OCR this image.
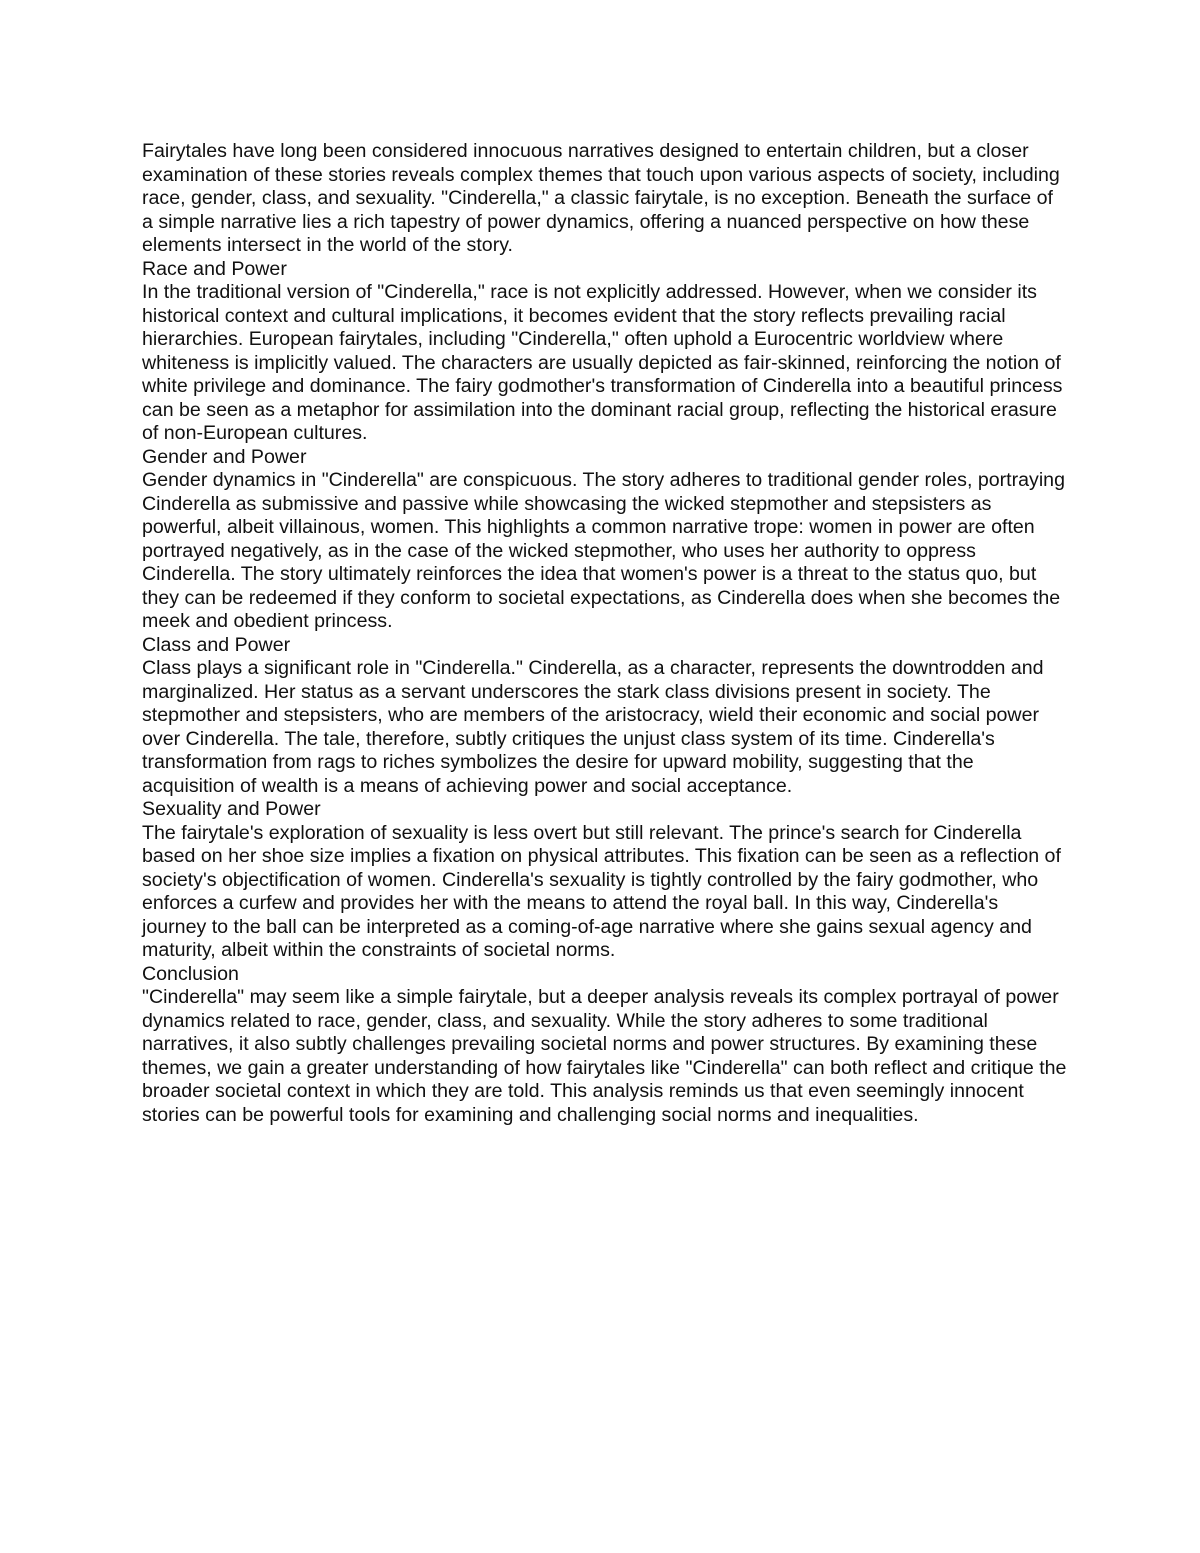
Fairytales have long been considered innocuous narratives designed to entertain children, but a closer examination of these stories reveals complex themes that touch upon various aspects of society, including race, gender, class, and sexuality. "Cinderella," a classic fairytale, is no exception. Beneath the surface of a simple narrative lies a rich tapestry of power dynamics, offering a nuanced perspective on how these elements intersect in the world of the story.

Race and Power

In the traditional version of "Cinderella," race is not explicitly addressed. However, when we consider its historical context and cultural implications, it becomes evident that the story reflects prevailing racial hierarchies. European fairytales, including "Cinderella," often uphold a Eurocentric worldview where whiteness is implicitly valued. The characters are usually depicted as fair-skinned, reinforcing the notion of white privilege and dominance. The fairy godmother's transformation of Cinderella into a beautiful princess can be seen as a metaphor for assimilation into the dominant racial group, reflecting the historical erasure of non-European cultures.

Gender and Power

Gender dynamics in "Cinderella" are conspicuous. The story adheres to traditional gender roles, portraying Cinderella as submissive and passive while showcasing the wicked stepmother and stepsisters as powerful, albeit villainous, women. This highlights a common narrative trope: women in power are often portrayed negatively, as in the case of the wicked stepmother, who uses her authority to oppress Cinderella. The story ultimately reinforces the idea that women's power is a threat to the status quo, but they can be redeemed if they conform to societal expectations, as Cinderella does when she becomes the meek and obedient princess.

Class and Power

Class plays a significant role in "Cinderella." Cinderella, as a character, represents the downtrodden and marginalized. Her status as a servant underscores the stark class divisions present in society. The stepmother and stepsisters, who are members of the aristocracy, wield their economic and social power over Cinderella. The tale, therefore, subtly critiques the unjust class system of its time. Cinderella's transformation from rags to riches symbolizes the desire for upward mobility, suggesting that the acquisition of wealth is a means of achieving power and social acceptance.

Sexuality and Power

The fairytale's exploration of sexuality is less overt but still relevant. The prince's search for Cinderella based on her shoe size implies a fixation on physical attributes. This fixation can be seen as a reflection of society's objectification of women. Cinderella's sexuality is tightly controlled by the fairy godmother, who enforces a curfew and provides her with the means to attend the royal ball. In this way, Cinderella's journey to the ball can be interpreted as a coming-of-age narrative where she gains sexual agency and maturity, albeit within the constraints of societal norms.

Conclusion

"Cinderella" may seem like a simple fairytale, but a deeper analysis reveals its complex portrayal of power dynamics related to race, gender, class, and sexuality. While the story adheres to some traditional narratives, it also subtly challenges prevailing societal norms and power structures. By examining these themes, we gain a greater understanding of how fairytales like "Cinderella" can both reflect and critique the broader societal context in which they are told. This analysis reminds us that even seemingly innocent stories can be powerful tools for examining and challenging social norms and inequalities.
